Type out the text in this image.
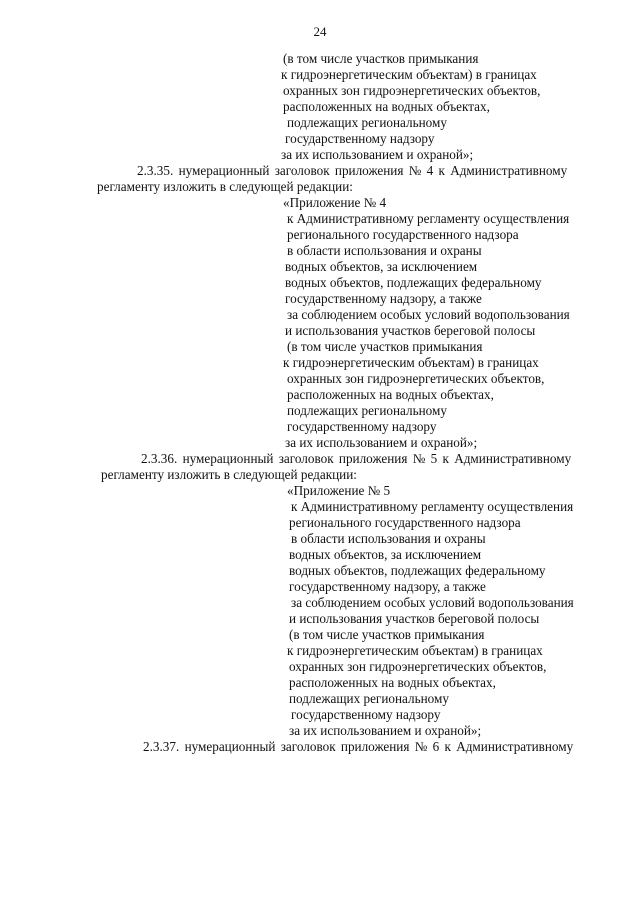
24
(в том числе участков примыкания
к гидроэнергетическим объектам) в границах
охранных зон гидроэнергетических объектов,
расположенных на водных объектах,
подлежащих региональному
государственному надзору
за их использованием и охраной»;
2.3.35. нумерационный заголовок приложения № 4 к Административному
регламенту изложить в следующей редакции:
«Приложение № 4
к Административному регламенту осуществления
регионального государственного надзора
в области использования и охраны
водных объектов, за исключением
водных объектов, подлежащих федеральному
государственному надзору, а также
за соблюдением особых условий водопользования
и использования участков береговой полосы
(в том числе участков примыкания
к гидроэнергетическим объектам) в границах
охранных зон гидроэнергетических объектов,
расположенных на водных объектах,
подлежащих региональному
государственному надзору
за их использованием и охраной»;
2.3.36. нумерационный заголовок приложения № 5 к Административному
регламенту изложить в следующей редакции:
«Приложение № 5
к Административному регламенту осуществления
регионального государственного надзора
в области использования и охраны
водных объектов, за исключением
водных объектов, подлежащих федеральному
государственному надзору, а также
за соблюдением особых условий водопользования
и использования участков береговой полосы
(в том числе участков примыкания
к гидроэнергетическим объектам) в границах
охранных зон гидроэнергетических объектов,
расположенных на водных объектах,
подлежащих региональному
государственному надзору
за их использованием и охраной»;
2.3.37. нумерационный заголовок приложения № 6 к Административному
